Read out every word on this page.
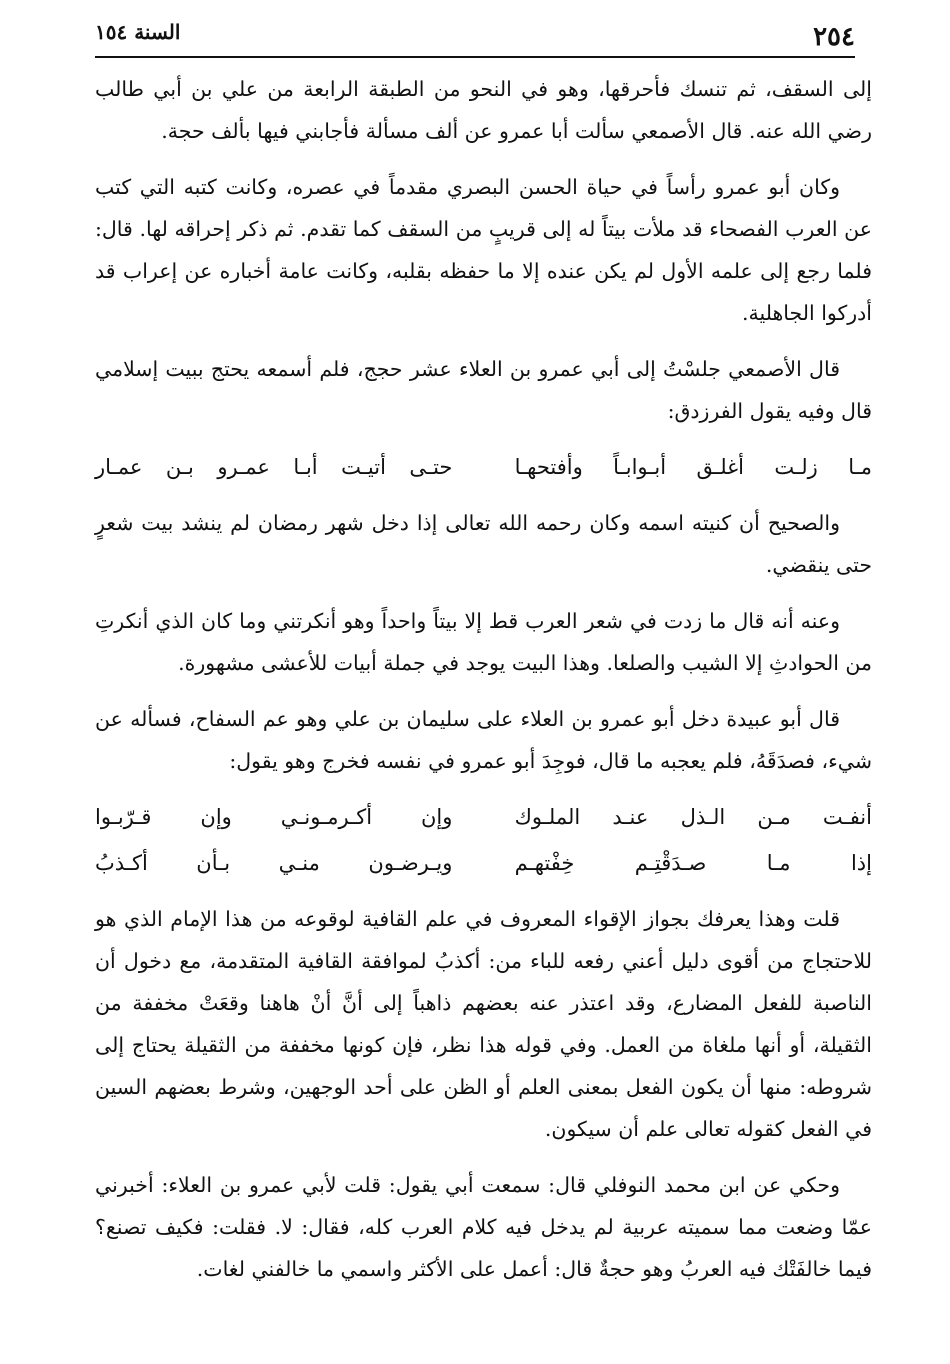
٢٥٤
السنة ١٥٤

إلى السقف، ثم تنسك فأحرقها، وهو في النحو من الطبقة الرابعة من علي بن أبي طالب رضي الله عنه. قال الأصمعي سألت أبا عمرو عن ألف مسألة فأجابني فيها بألف حجة.

وكان أبو عمرو رأساً في حياة الحسن البصري مقدماً في عصره، وكانت كتبه التي كتب عن العرب الفصحاء قد ملأت بيتاً له إلى قريبٍ من السقف كما تقدم. ثم ذكر إحراقه لها. قال: فلما رجع إلى علمه الأول لم يكن عنده إلا ما حفظه بقلبه، وكانت عامة أخباره عن إعراب قد أدركوا الجاهلية.

قال الأصمعي جلسْتُ إلى أبي عمرو بن العلاء عشر حجج، فلم أسمعه يحتج ببيت إسلامي قال وفيه يقول الفرزدق:

مـا زلـت أغلـق أبـوابـاً وأفتحهـا
حتـى أتيـت أبـا عمـرو بـن عمـار

والصحيح أن كنيته اسمه وكان رحمه الله تعالى إذا دخل شهر رمضان لم ينشد بيت شعرٍ حتى ينقضي.

وعنه أنه قال ما زدت في شعر العرب قط إلا بيتاً واحداً وهو أنكرتني وما كان الذي أنكرتِ من الحوادثِ إلا الشيب والصلعا. وهذا البيت يوجد في جملة أبيات للأعشى مشهورة.

قال أبو عبيدة دخل أبو عمرو بن العلاء على سليمان بن علي وهو عم السفاح، فسأله عن شيء، فصدَقَهُ، فلم يعجبه ما قال، فوجِدَ أبو عمرو في نفسه فخرج وهو يقول:

أنفـت مـن الـذل عنـد الملـوك
وإن أكـرمـونـي وإن قـرّبـوا
إذا مـا صـدَقْتِـم خِفْتهـم
ويـرضـون منـي بـأن أكـذبُ

قلت وهذا يعرفك بجواز الإقواء المعروف في علم القافية لوقوعه من هذا الإمام الذي هو للاحتجاج من أقوى دليل أعني رفعه للباء من: أكذبُ لموافقة القافية المتقدمة، مع دخول أن الناصبة للفعل المضارع، وقد اعتذر عنه بعضهم ذاهباً إلى أنَّ أنْ هاهنا وقعَتْ مخففة من الثقيلة، أو أنها ملغاة من العمل. وفي قوله هذا نظر، فإن كونها مخففة من الثقيلة يحتاج إلى شروطه: منها أن يكون الفعل بمعنى العلم أو الظن على أحد الوجهين، وشرط بعضهم السين في الفعل كقوله تعالى علم أن سيكون.

وحكي عن ابن محمد النوفلي قال: سمعت أبي يقول: قلت لأبي عمرو بن العلاء: أخبرني عمّا وضعت مما سميته عربية لم يدخل فيه كلام العرب كله، فقال: لا. فقلت: فكيف تصنع؟ فيما خالفَتْك فيه العربُ وهو حجةٌ قال: أعمل على الأكثر واسمي ما خالفني لغات.
